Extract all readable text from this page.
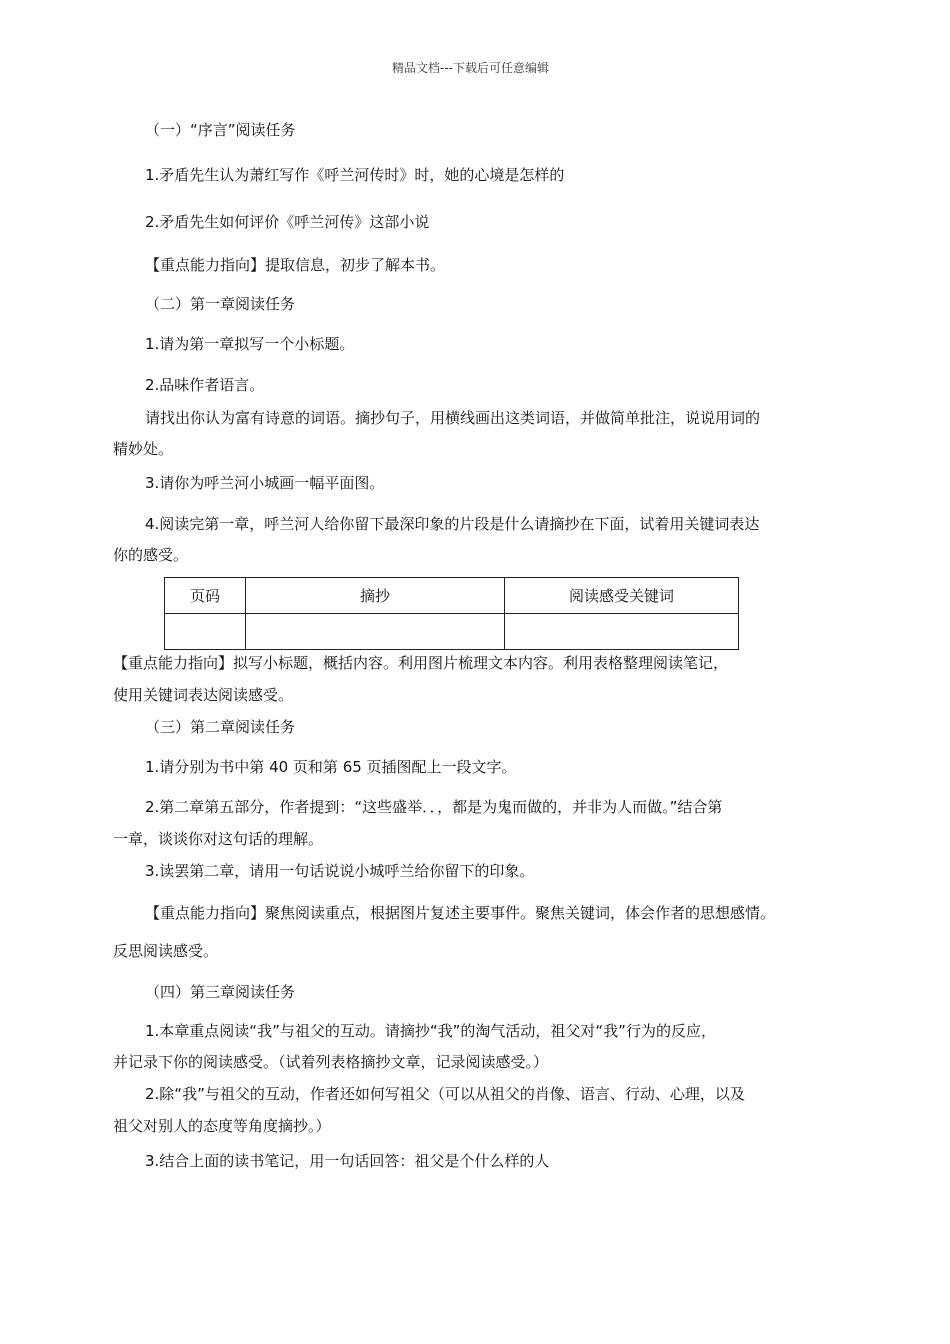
精品文档---下载后可任意编辑
（一）“序言”阅读任务
1.矛盾先生认为萧红写作《呼兰河传时》时，她的心境是怎样的
2.矛盾先生如何评价《呼兰河传》这部小说
【重点能力指向】提取信息，初步了解本书。
（二）第一章阅读任务
1.请为第一章拟写一个小标题。
2.品味作者语言。
请找出你认为富有诗意的词语。摘抄句子，用横线画出这类词语，并做简单批注，说说用词的
精妙处。
3.请你为呼兰河小城画一幅平面图。
4.阅读完第一章，呼兰河人给你留下最深印象的片段是什么请摘抄在下面，试着用关键词表达
你的感受。
页码	摘抄	阅读感受关键词

【重点能力指向】拟写小标题，概括内容。利用图片梳理文本内容。利用表格整理阅读笔记，
使用关键词表达阅读感受。
（三）第二章阅读任务
1.请分别为书中第 40 页和第 65 页插图配上一段文字。
2.第二章第五部分，作者提到：“这些盛举．．，都是为鬼而做的，并非为人而做。”结合第
一章，谈谈你对这句话的理解。
3.读罢第二章，请用一句话说说小城呼兰给你留下的印象。
【重点能力指向】聚焦阅读重点，根据图片复述主要事件。聚焦关键词，体会作者的思想感情。
反思阅读感受。
（四）第三章阅读任务
1.本章重点阅读“我”与祖父的互动。请摘抄“我”的淘气活动，祖父对“我”行为的反应，
并记录下你的阅读感受。（试着列表格摘抄文章，记录阅读感受。）
2.除“我”与祖父的互动，作者还如何写祖父（可以从祖父的肖像、语言、行动、心理，以及
祖父对别人的态度等角度摘抄。）
3.结合上面的读书笔记，用一句话回答：祖父是个什么样的人
